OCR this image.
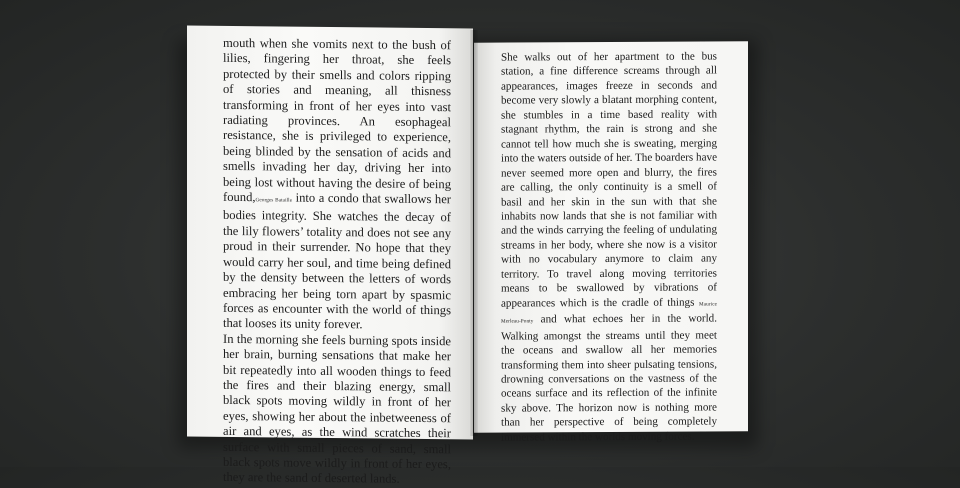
mouth when she vomits next to the bush of lilies, fingering her throat, she feels protected by their smells and colors ripping of stories and meaning, all thisness transforming in front of her eyes into vast radiating provinces. An esophageal resistance, she is privileged to experience, being blinded by the sensation of acids and smells invading her day, driving her into being lost without having the desire of being found,Georges Bataille into a condo that swallows her bodies integrity. She watches the decay of the lily flowers’ totality and does not see any proud in their surrender. No hope that they would carry her soul, and time being defined by the density between the letters of words embracing her being torn apart by spasmic forces as encounter with the world of things that looses its unity forever.

In the morning she feels burning spots inside her brain, burning sensations that make her bit repeatedly into all wooden things to feed the fires and their blazing energy, small black spots moving wildly in front of her eyes, showing her about the inbetweeness of air and eyes, as the wind scratches their surface with small pieces of sand, small black spots move wildly in front of her eyes, they are the sand of deserted lands.

She walks out of her apartment to the bus station, a fine difference screams through all appearances, images freeze in seconds and become very slowly a blatant morphing content, she stumbles in a time based reality with stagnant rhythm, the rain is strong and she cannot tell how much she is sweating, merging into the waters outside of her. The boarders have never seemed more open and blurry, the fires are calling, the only continuity is a smell of basil and her skin in the sun with that she inhabits now lands that she is not familiar with and the winds carrying the feeling of undulating streams in her body, where she now is a visitor with no vocabulary anymore to claim any territory. To travel along moving territories means to be swallowed by vibrations of appearances which is the cradle of things Maurice Merleau-Ponty and what echoes her in the world. Walking amongst the streams until they meet the oceans and swallow all her memories transforming them into sheer pulsating tensions, drowning conversations on the vastness of the oceans surface and its reflection of the infinite sky above. The horizon now is nothing more than her perspective of being completely immersed within the worlds moving forces.
